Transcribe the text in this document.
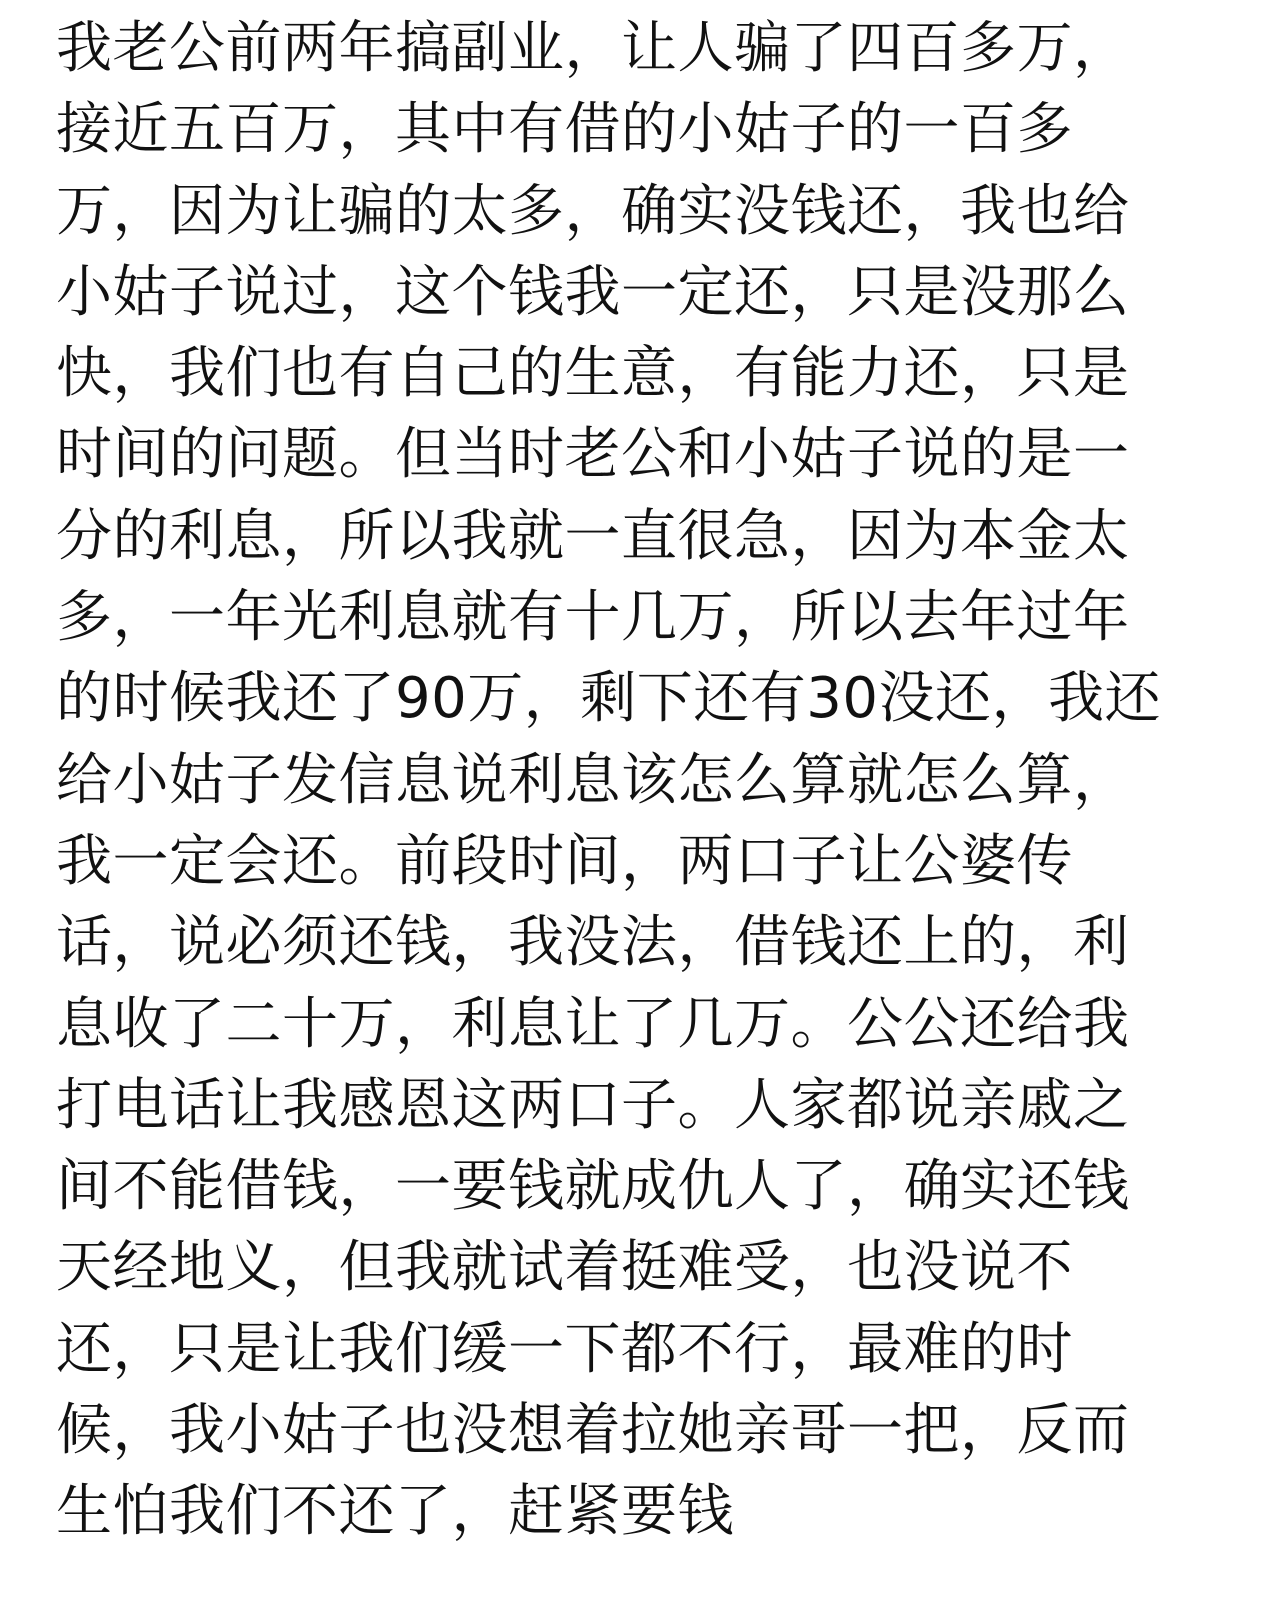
我老公前两年搞副业，让人骗了四百多万，
接近五百万，其中有借的小姑子的一百多
万，因为让骗的太多，确实没钱还，我也给
小姑子说过，这个钱我一定还，只是没那么
快，我们也有自己的生意，有能力还，只是
时间的问题。但当时老公和小姑子说的是一
分的利息，所以我就一直很急，因为本金太
多，一年光利息就有十几万，所以去年过年
的时候我还了90万，剩下还有30没还，我还
给小姑子发信息说利息该怎么算就怎么算，
我一定会还。前段时间，两口子让公婆传
话，说必须还钱，我没法，借钱还上的，利
息收了二十万，利息让了几万。公公还给我
打电话让我感恩这两口子。人家都说亲戚之
间不能借钱，一要钱就成仇人了，确实还钱
天经地义，但我就试着挺难受，也没说不
还，只是让我们缓一下都不行，最难的时
候，我小姑子也没想着拉她亲哥一把，反而
生怕我们不还了，赶紧要钱
